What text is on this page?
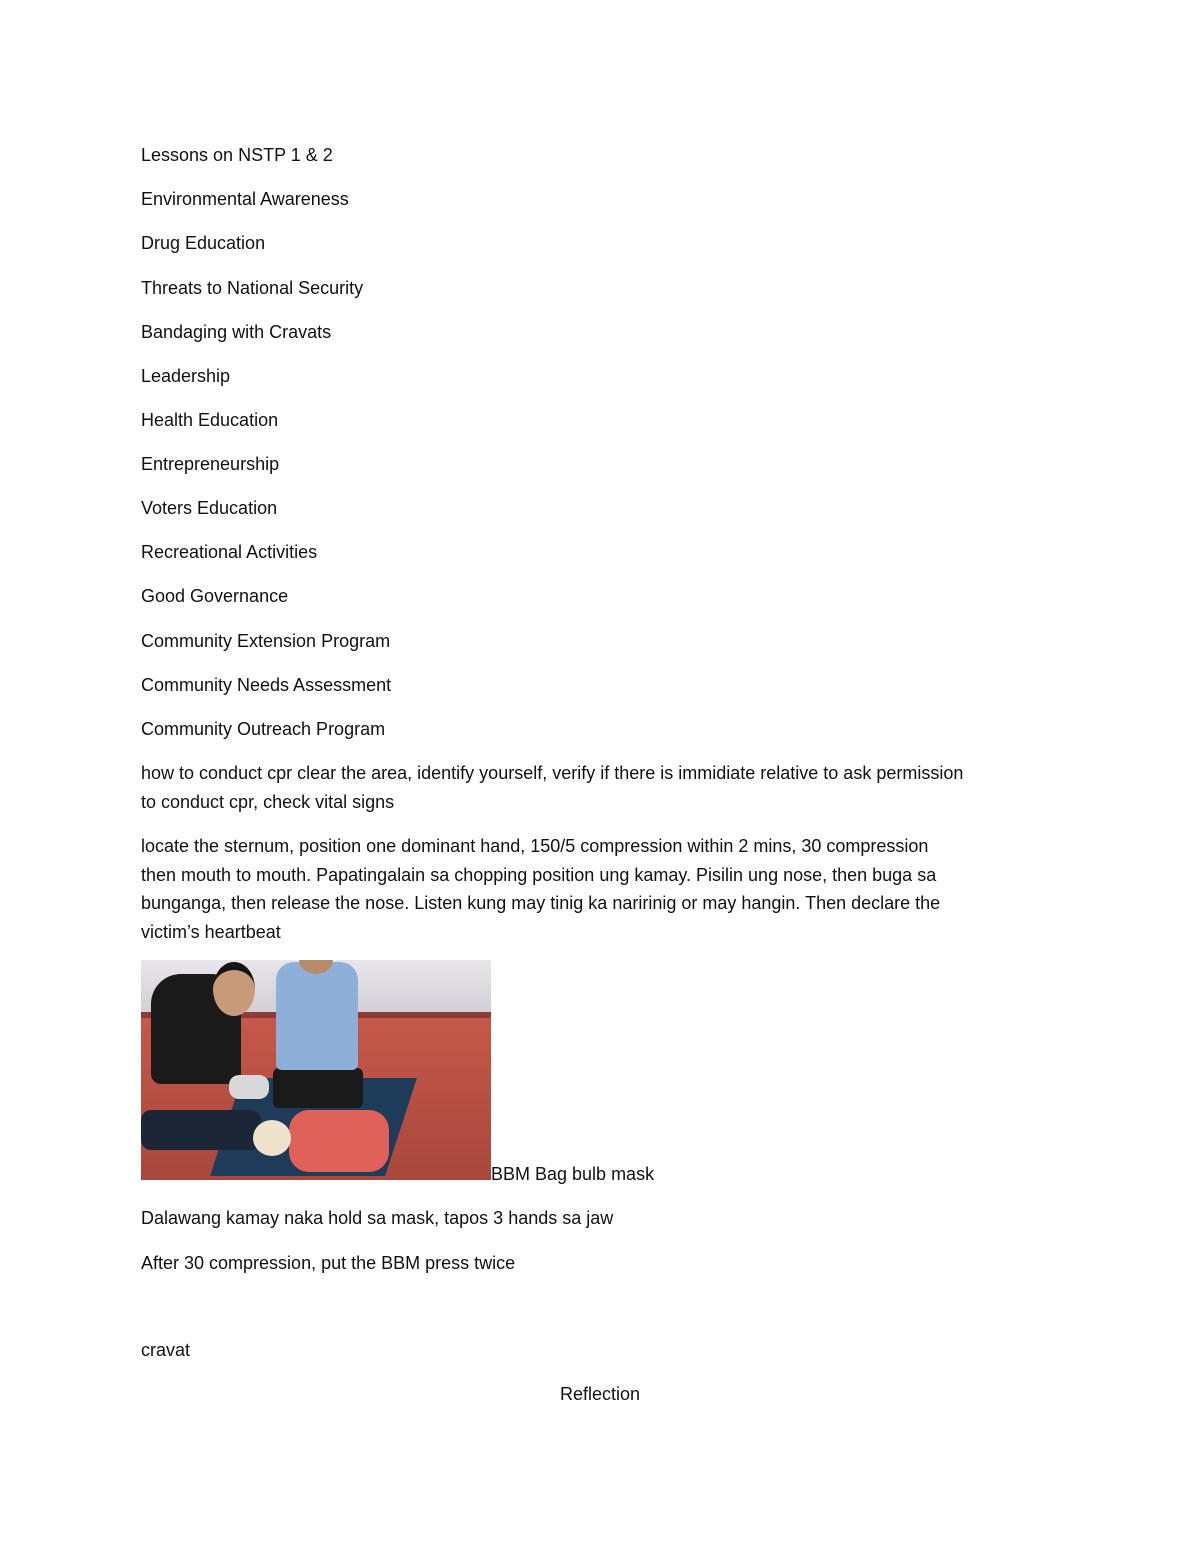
Lessons on NSTP 1 & 2
Environmental Awareness
Drug Education
Threats to National Security
Bandaging with Cravats
Leadership
Health Education
Entrepreneurship
Voters Education
Recreational Activities
Good Governance
Community Extension Program
Community Needs Assessment
Community Outreach Program
how to conduct cpr clear the area, identify yourself, verify if there is immidiate relative to ask permission
to conduct cpr, check vital signs
locate the sternum, position one dominant hand, 150/5 compression within 2 mins, 30 compression
then mouth to mouth. Papatingalain sa chopping position ung kamay. Pisilin ung nose, then buga sa
bunganga, then release the nose. Listen kung may tinig ka naririnig or may hangin. Then declare the
victim’s heartbeat
BBM Bag bulb mask
Dalawang kamay naka hold sa mask, tapos 3 hands sa jaw
After 30 compression, put the BBM press twice
cravat
Reflection
